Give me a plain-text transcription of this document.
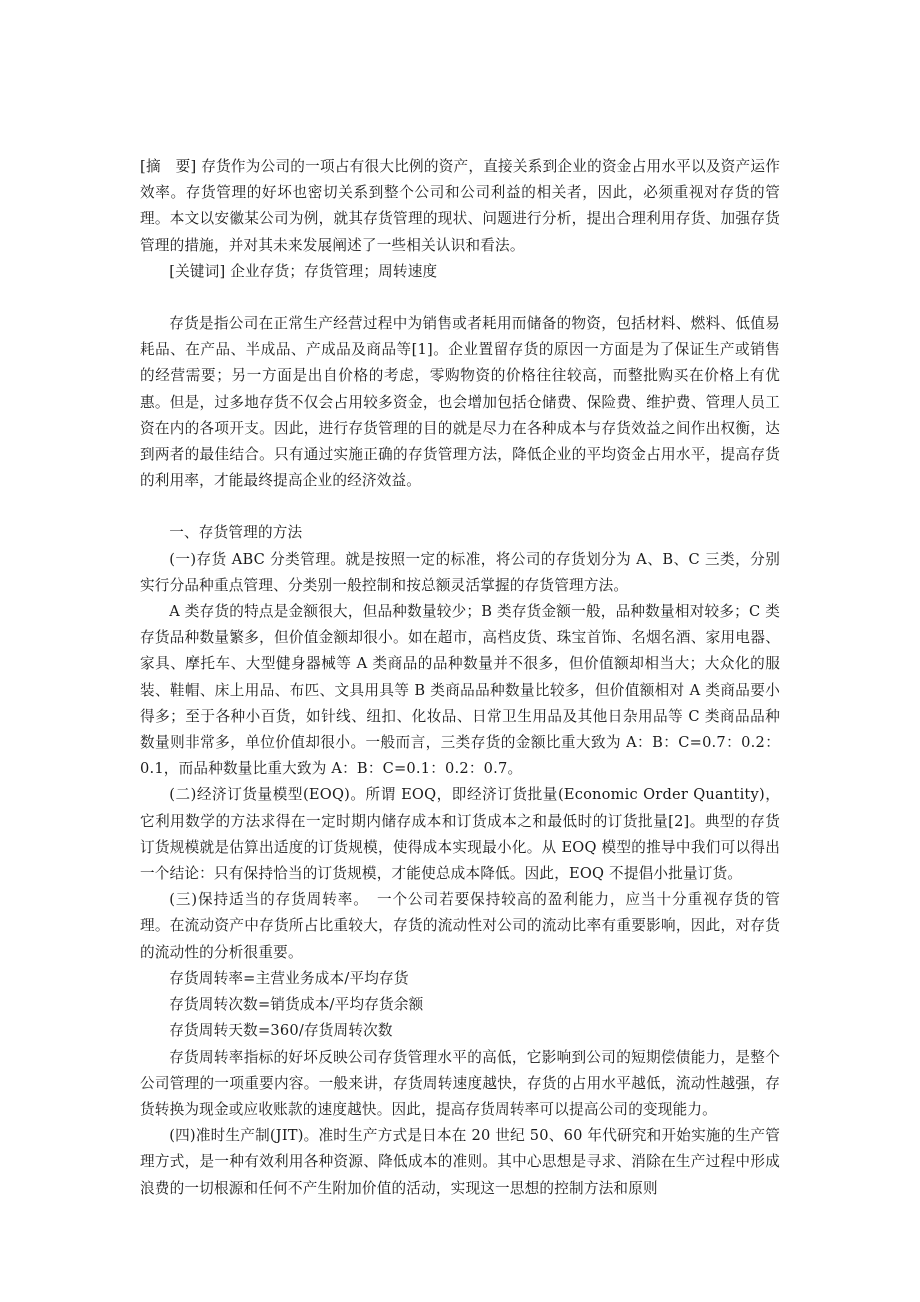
[摘　要] 存货作为公司的一项占有很大比例的资产，直接关系到企业的资金占用水平以及资产运作效率。存货管理的好坏也密切关系到整个公司和公司利益的相关者，因此，必须重视对存货的管理。本文以安徽某公司为例，就其存货管理的现状、问题进行分析，提出合理利用存货、加强存货管理的措施，并对其未来发展阐述了一些相关认识和看法。

[关键词] 企业存货；存货管理；周转速度

存货是指公司在正常生产经营过程中为销售或者耗用而储备的物资，包括材料、燃料、低值易耗品、在产品、半成品、产成品及商品等[1]。企业置留存货的原因一方面是为了保证生产或销售的经营需要；另一方面是出自价格的考虑，零购物资的价格往往较高，而整批购买在价格上有优惠。但是，过多地存货不仅会占用较多资金，也会增加包括仓储费、保险费、维护费、管理人员工资在内的各项开支。因此，进行存货管理的目的就是尽力在各种成本与存货效益之间作出权衡，达到两者的最佳结合。只有通过实施正确的存货管理方法，降低企业的平均资金占用水平，提高存货的利用率，才能最终提高企业的经济效益。

一、存货管理的方法

(一)存货 ABC 分类管理。就是按照一定的标准，将公司的存货划分为 A、B、C 三类，分别实行分品种重点管理、分类别一般控制和按总额灵活掌握的存货管理方法。

A 类存货的特点是金额很大，但品种数量较少；B 类存货金额一般，品种数量相对较多；C 类存货品种数量繁多，但价值金额却很小。如在超市，高档皮货、珠宝首饰、名烟名酒、家用电器、家具、摩托车、大型健身器械等 A 类商品的品种数量并不很多，但价值额却相当大；大众化的服装、鞋帽、床上用品、布匹、文具用具等 B 类商品品种数量比较多，但价值额相对 A 类商品要小得多；至于各种小百货，如针线、纽扣、化妆品、日常卫生用品及其他日杂用品等 C 类商品品种数量则非常多，单位价值却很小。一般而言，三类存货的金额比重大致为 A：B：C=0.7：0.2：0.1，而品种数量比重大致为 A：B：C=0.1：0.2：0.7。

(二)经济订货量模型(EOQ)。所谓 EOQ，即经济订货批量(Economic Order Quantity)，它利用数学的方法求得在一定时期内储存成本和订货成本之和最低时的订货批量[2]。典型的存货订货规模就是估算出适度的订货规模，使得成本实现最小化。从 EOQ 模型的推导中我们可以得出一个结论：只有保持恰当的订货规模，才能使总成本降低。因此，EOQ 不提倡小批量订货。

(三)保持适当的存货周转率。　一个公司若要保持较高的盈利能力，应当十分重视存货的管理。在流动资产中存货所占比重较大，存货的流动性对公司的流动比率有重要影响，因此，对存货的流动性的分析很重要。

存货周转率=主营业务成本/平均存货

存货周转次数=销货成本/平均存货余额

存货周转天数=360/存货周转次数

存货周转率指标的好坏反映公司存货管理水平的高低，它影响到公司的短期偿债能力，是整个公司管理的一项重要内容。一般来讲，存货周转速度越快，存货的占用水平越低，流动性越强，存货转换为现金或应收账款的速度越快。因此，提高存货周转率可以提高公司的变现能力。

(四)准时生产制(JIT)。准时生产方式是日本在 20 世纪 50、60 年代研究和开始实施的生产管理方式，是一种有效利用各种资源、降低成本的准则。其中心思想是寻求、消除在生产过程中形成浪费的一切根源和任何不产生附加价值的活动，实现这一思想的控制方法和原则
